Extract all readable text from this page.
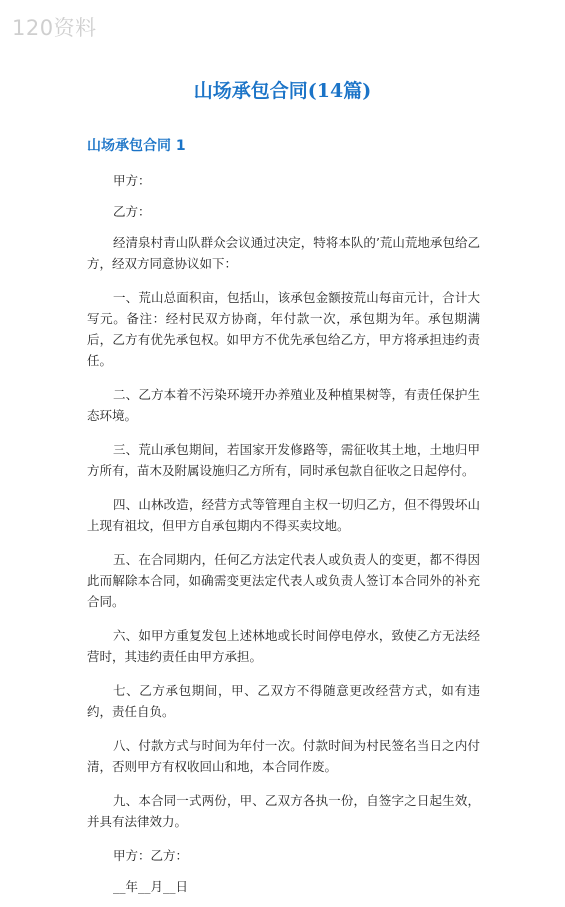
120资料
山场承包合同(14篇)
山场承包合同 1

甲方：

乙方：

经清泉村青山队群众会议通过决定，特将本队的’荒山荒地承包给乙方，经双方同意协议如下：

一、荒山总面积亩，包括山，该承包金额按荒山每亩元计，合计大写元。备注：经村民双方协商，年付款一次，承包期为年。承包期满后，乙方有优先承包权。如甲方不优先承包给乙方，甲方将承担违约责任。

二、乙方本着不污染环境开办养殖业及种植果树等，有责任保护生态环境。

三、荒山承包期间，若国家开发修路等，需征收其土地，土地归甲方所有，苗木及附属设施归乙方所有，同时承包款自征收之日起停付。

四、山林改造，经营方式等管理自主权一切归乙方，但不得毁坏山上现有祖坟，但甲方自承包期内不得买卖坟地。

五、在合同期内，任何乙方法定代表人或负责人的变更，都不得因此而解除本合同，如确需变更法定代表人或负责人签订本合同外的补充合同。

六、如甲方重复发包上述林地或长时间停电停水，致使乙方无法经营时，其违约责任由甲方承担。

七、乙方承包期间，甲、乙双方不得随意更改经营方式，如有违约，责任自负。

八、付款方式与时间为年付一次。付款时间为村民签名当日之内付清，否则甲方有权收回山和地，本合同作废。

九、本合同一式两份，甲、乙双方各执一份，自签字之日起生效，并具有法律效力。

甲方：乙方：

__年__月__日
